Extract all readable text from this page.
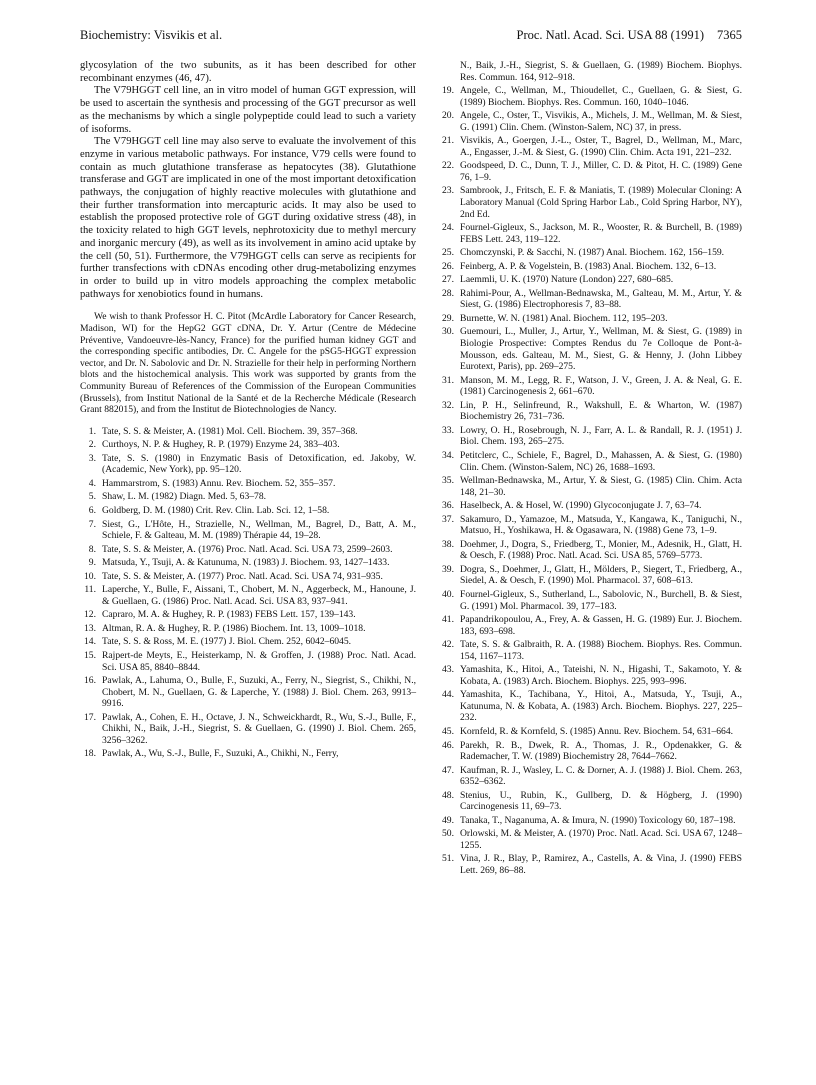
Biochemistry: Visvikis et al.	Proc. Natl. Acad. Sci. USA 88 (1991) 7365

glycosylation of the two subunits, as it has been described for other recombinant enzymes (46, 47).

The V79HGGT cell line, an in vitro model of human GGT expression, will be used to ascertain the synthesis and processing of the GGT precursor as well as the mechanisms by which a single polypeptide could lead to such a variety of isoforms.

The V79HGGT cell line may also serve to evaluate the involvement of this enzyme in various metabolic pathways. For instance, V79 cells were found to contain as much glutathione transferase as hepatocytes (38). Glutathione transferase and GGT are implicated in one of the most important detoxification pathways, the conjugation of highly reactive molecules with glutathione and their further transformation into mercapturic acids. It may also be used to establish the proposed protective role of GGT during oxidative stress (48), in the toxicity related to high GGT levels, nephrotoxicity due to methyl mercury and inorganic mercury (49), as well as its involvement in amino acid uptake by the cell (50, 51). Furthermore, the V79HGGT cells can serve as recipients for further transfections with cDNAs encoding other drug-metabolizing enzymes in order to build up in vitro models approaching the complex metabolic pathways for xenobiotics found in humans.

We wish to thank Professor H. C. Pitot (McArdle Laboratory for Cancer Research, Madison, WI) for the HepG2 GGT cDNA, Dr. Y. Artur (Centre de Médecine Préventive, Vandoeuvre-lès-Nancy, France) for the purified human kidney GGT and the corresponding specific antibodies, Dr. C. Angele for the pSG5-HGGT expression vector, and Dr. N. Sabolovic and Dr. N. Strazielle for their help in performing Northern blots and the histochemical analysis. This work was supported by grants from the Community Bureau of References of the Commission of the European Communities (Brussels), from Institut National de la Santé et de la Recherche Médicale (Research Grant 882015), and from the Institut de Biotechnologies de Nancy.

1. Tate, S. S. & Meister, A. (1981) Mol. Cell. Biochem. 39, 357–368.
2. Curthoys, N. P. & Hughey, R. P. (1979) Enzyme 24, 383–403.
3. Tate, S. S. (1980) in Enzymatic Basis of Detoxification, ed. Jakoby, W. (Academic, New York), pp. 95–120.
4. Hammarstrom, S. (1983) Annu. Rev. Biochem. 52, 355–357.
5. Shaw, L. M. (1982) Diagn. Med. 5, 63–78.
6. Goldberg, D. M. (1980) Crit. Rev. Clin. Lab. Sci. 12, 1–58.
7. Siest, G., L'Hôte, H., Strazielle, N., Wellman, M., Bagrel, D., Batt, A. M., Schiele, F. & Galteau, M. M. (1989) Thérapie 44, 19–28.
8. Tate, S. S. & Meister, A. (1976) Proc. Natl. Acad. Sci. USA 73, 2599–2603.
9. Matsuda, Y., Tsuji, A. & Katunuma, N. (1983) J. Biochem. 93, 1427–1433.
10. Tate, S. S. & Meister, A. (1977) Proc. Natl. Acad. Sci. USA 74, 931–935.
11. Laperche, Y., Bulle, F., Aissani, T., Chobert, M. N., Aggerbeck, M., Hanoune, J. & Guellaen, G. (1986) Proc. Natl. Acad. Sci. USA 83, 937–941.
12. Capraro, M. A. & Hughey, R. P. (1983) FEBS Lett. 157, 139–143.
13. Altman, R. A. & Hughey, R. P. (1986) Biochem. Int. 13, 1009–1018.
14. Tate, S. S. & Ross, M. E. (1977) J. Biol. Chem. 252, 6042–6045.
15. Rajpert-de Meyts, E., Heisterkamp, N. & Groffen, J. (1988) Proc. Natl. Acad. Sci. USA 85, 8840–8844.
16. Pawlak, A., Lahuma, O., Bulle, F., Suzuki, A., Ferry, N., Siegrist, S., Chikhi, N., Chobert, M. N., Guellaen, G. & Laperche, Y. (1988) J. Biol. Chem. 263, 9913–9916.
17. Pawlak, A., Cohen, E. H., Octave, J. N., Schweickhardt, R., Wu, S.-J., Bulle, F., Chikhi, N., Baik, J.-H., Siegrist, S. & Guellaen, G. (1990) J. Biol. Chem. 265, 3256–3262.
18. Pawlak, A., Wu, S.-J., Bulle, F., Suzuki, A., Chikhi, N., Ferry,
N., Baik, J.-H., Siegrist, S. & Guellaen, G. (1989) Biochem. Biophys. Res. Commun. 164, 912–918.
19. Angele, C., Wellman, M., Thioudellet, C., Guellaen, G. & Siest, G. (1989) Biochem. Biophys. Res. Commun. 160, 1040–1046.
20. Angele, C., Oster, T., Visvikis, A., Michels, J. M., Wellman, M. & Siest, G. (1991) Clin. Chem. (Winston-Salem, NC) 37, in press.
21. Visvikis, A., Goergen, J.-L., Oster, T., Bagrel, D., Wellman, M., Marc, A., Engasser, J.-M. & Siest, G. (1990) Clin. Chim. Acta 191, 221–232.
22. Goodspeed, D. C., Dunn, T. J., Miller, C. D. & Pitot, H. C. (1989) Gene 76, 1–9.
23. Sambrook, J., Fritsch, E. F. & Maniatis, T. (1989) Molecular Cloning: A Laboratory Manual (Cold Spring Harbor Lab., Cold Spring Harbor, NY), 2nd Ed.
24. Fournel-Gigleux, S., Jackson, M. R., Wooster, R. & Burchell, B. (1989) FEBS Lett. 243, 119–122.
25. Chomczynski, P. & Sacchi, N. (1987) Anal. Biochem. 162, 156–159.
26. Feinberg, A. P. & Vogelstein, B. (1983) Anal. Biochem. 132, 6–13.
27. Laemmli, U. K. (1970) Nature (London) 227, 680–685.
28. Rahimi-Pour, A., Wellman-Bednawska, M., Galteau, M. M., Artur, Y. & Siest, G. (1986) Electrophoresis 7, 83–88.
29. Burnette, W. N. (1981) Anal. Biochem. 112, 195–203.
30. Guemouri, L., Muller, J., Artur, Y., Wellman, M. & Siest, G. (1989) in Biologie Prospective: Comptes Rendus du 7e Colloque de Pont-à-Mousson, eds. Galteau, M. M., Siest, G. & Henny, J. (John Libbey Eurotext, Paris), pp. 269–275.
31. Manson, M. M., Legg, R. F., Watson, J. V., Green, J. A. & Neal, G. E. (1981) Carcinogenesis 2, 661–670.
32. Lin, P. H., Selinfreund, R., Wakshull, E. & Wharton, W. (1987) Biochemistry 26, 731–736.
33. Lowry, O. H., Rosebrough, N. J., Farr, A. L. & Randall, R. J. (1951) J. Biol. Chem. 193, 265–275.
34. Petitclerc, C., Schiele, F., Bagrel, D., Mahassen, A. & Siest, G. (1980) Clin. Chem. (Winston-Salem, NC) 26, 1688–1693.
35. Wellman-Bednawska, M., Artur, Y. & Siest, G. (1985) Clin. Chim. Acta 148, 21–30.
36. Haselbeck, A. & Hosel, W. (1990) Glycoconjugate J. 7, 63–74.
37. Sakamuro, D., Yamazoe, M., Matsuda, Y., Kangawa, K., Taniguchi, N., Matsuo, H., Yoshikawa, H. & Ogasawara, N. (1988) Gene 73, 1–9.
38. Doehmer, J., Dogra, S., Friedberg, T., Monier, M., Adesnik, H., Glatt, H. & Oesch, F. (1988) Proc. Natl. Acad. Sci. USA 85, 5769–5773.
39. Dogra, S., Doehmer, J., Glatt, H., Mölders, P., Siegert, T., Friedberg, A., Siedel, A. & Oesch, F. (1990) Mol. Pharmacol. 37, 608–613.
40. Fournel-Gigleux, S., Sutherland, L., Sabolovic, N., Burchell, B. & Siest, G. (1991) Mol. Pharmacol. 39, 177–183.
41. Papandrikopoulou, A., Frey, A. & Gassen, H. G. (1989) Eur. J. Biochem. 183, 693–698.
42. Tate, S. S. & Galbraith, R. A. (1988) Biochem. Biophys. Res. Commun. 154, 1167–1173.
43. Yamashita, K., Hitoi, A., Tateishi, N. N., Higashi, T., Sakamoto, Y. & Kobata, A. (1983) Arch. Biochem. Biophys. 225, 993–996.
44. Yamashita, K., Tachibana, Y., Hitoi, A., Matsuda, Y., Tsuji, A., Katunuma, N. & Kobata, A. (1983) Arch. Biochem. Biophys. 227, 225–232.
45. Kornfeld, R. & Kornfeld, S. (1985) Annu. Rev. Biochem. 54, 631–664.
46. Parekh, R. B., Dwek, R. A., Thomas, J. R., Opdenakker, G. & Rademacher, T. W. (1989) Biochemistry 28, 7644–7662.
47. Kaufman, R. J., Wasley, L. C. & Dorner, A. J. (1988) J. Biol. Chem. 263, 6352–6362.
48. Stenius, U., Rubin, K., Gullberg, D. & Högberg, J. (1990) Carcinogenesis 11, 69–73.
49. Tanaka, T., Naganuma, A. & Imura, N. (1990) Toxicology 60, 187–198.
50. Orlowski, M. & Meister, A. (1970) Proc. Natl. Acad. Sci. USA 67, 1248–1255.
51. Vina, J. R., Blay, P., Ramirez, A., Castells, A. & Vina, J. (1990) FEBS Lett. 269, 86–88.
